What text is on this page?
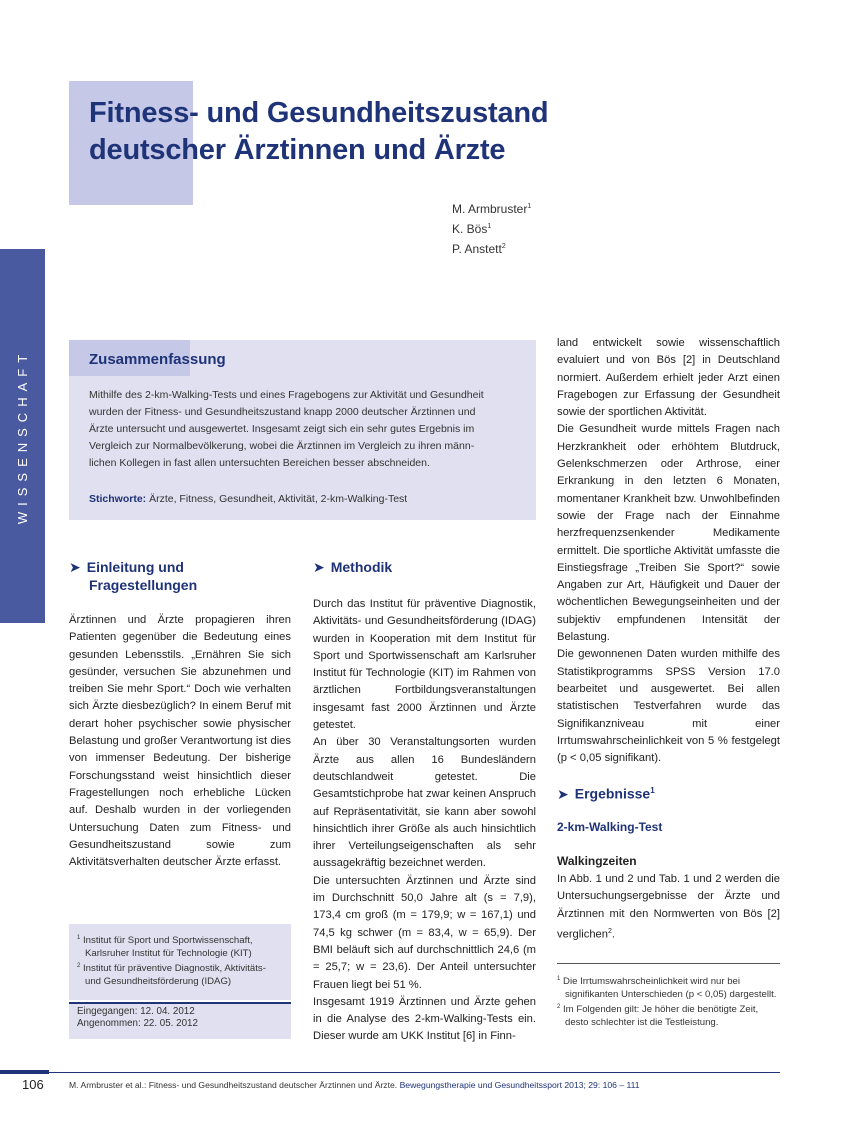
WISSENSCHAFT
Fitness- und Gesundheitszustand
deutscher Ärztinnen und Ärzte
M. Armbruster$^1$
K. Bös$^1$
P. Anstett$^2$
Zusammenfassung
Mithilfe des 2-km-Walking-Tests und eines Fragebogens zur Aktivität und Gesundheit
wurden der Fitness- und Gesundheitszustand knapp 2000 deutscher Ärztinnen und
Ärzte untersucht und ausgewertet. Insgesamt zeigt sich ein sehr gutes Ergebnis im
Vergleich zur Normalbevölkerung, wobei die Ärztinnen im Vergleich zu ihren männ-
lichen Kollegen in fast allen untersuchten Bereichen besser abschneiden.
Stichworte: Ärzte, Fitness, Gesundheit, Aktivität, 2-km-Walking-Test
➤ Einleitung und
Fragestellungen
➤ Methodik

Ärztinnen und Ärzte propagieren ihren Patienten gegenüber die Bedeutung eines gesunden Lebensstils. „Ernähren Sie sich gesünder, versuchen Sie abzunehmen und treiben Sie mehr Sport.“ Doch wie verhalten sich Ärzte diesbezüglich? In einem Beruf mit derart hoher psychischer sowie physischer Belastung und großer Verantwortung ist dies von immenser Bedeutung. Der bisherige Forschungsstand weist hinsichtlich dieser Fragestellungen noch erhebliche Lücken auf. Deshalb wurden in der vorliegenden Untersuchung Daten zum Fitness- und Gesundheitszustand sowie zum Aktivitätsverhalten deutscher Ärzte erfasst.

Durch das Institut für präventive Diagnostik, Aktivitäts- und Gesundheitsförderung (IDAG) wurden in Kooperation mit dem Institut für Sport und Sportwissenschaft am Karlsruher Institut für Technologie (KIT) im Rahmen von ärztlichen Fortbildungsveranstaltungen insgesamt fast 2000 Ärztinnen und Ärzte getestet.

An über 30 Veranstaltungsorten wurden Ärzte aus allen 16 Bundesländern deutschlandweit getestet. Die Gesamtstichprobe hat zwar keinen Anspruch auf Repräsentativität, sie kann aber sowohl hinsichtlich ihrer Größe als auch hinsichtlich ihrer Verteilungseigenschaften als sehr aussagekräftig bezeichnet werden.

Die untersuchten Ärztinnen und Ärzte sind im Durchschnitt 50,0 Jahre alt (s = 7,9), 173,4 cm groß (m = 179,9; w = 167,1) und 74,5 kg schwer (m = 83,4, w = 65,9). Der BMI beläuft sich auf durchschnittlich 24,6 (m = 25,7; w = 23,6). Der Anteil untersuchter Frauen liegt bei 51 %.

Insgesamt 1919 Ärztinnen und Ärzte gehen in die Analyse des 2-km-Walking-Tests ein. Dieser wurde am UKK Institut [6] in Finn-

land entwickelt sowie wissenschaftlich evaluiert und von Bös [2] in Deutschland normiert. Außerdem erhielt jeder Arzt einen Fragebogen zur Erfassung der Gesundheit sowie der sportlichen Aktivität.

Die Gesundheit wurde mittels Fragen nach Herzkrankheit oder erhöhtem Blutdruck, Gelenkschmerzen oder Arthrose, einer Erkrankung in den letzten 6 Monaten, momentaner Krankheit bzw. Unwohlbefinden sowie der Frage nach der Einnahme herzfrequenzsenkender Medikamente ermittelt. Die sportliche Aktivität umfasste die Einstiegsfrage „Treiben Sie Sport?“ sowie Angaben zur Art, Häufigkeit und Dauer der wöchentlichen Bewegungseinheiten und der subjektiv empfundenen Intensität der Belastung.

Die gewonnenen Daten wurden mithilfe des Statistikprogramms SPSS Version 17.0 bearbeitet und ausgewertet. Bei allen statistischen Testverfahren wurde das Signifikanzniveau mit einer Irrtumswahrscheinlichkeit von 5 % festgelegt (p < 0,05 signifikant).

➤ Ergebnisse$^1$
2-km-Walking-Test
Walkingzeiten

In Abb. 1 und 2 und Tab. 1 und 2 werden die Untersuchungsergebnisse der Ärzte und Ärztinnen mit den Normwerten von Bös [2] verglichen$^2$.

$^1$ Institut für Sport und Sportwissenschaft, Karlsruher Institut für Technologie (KIT)
$^2$ Institut für präventive Diagnostik, Aktivitäts- und Gesundheitsförderung (IDAG)
Eingegangen: 12. 04. 2012
Angenommen: 22. 05. 2012
$^1$ Die Irrtumswahrscheinlichkeit wird nur bei signifikanten Unterschieden (p < 0,05) dargestellt.
$^2$ Im Folgenden gilt: Je höher die benötigte Zeit, desto schlechter ist die Testleistung.
106	M. Armbruster et al.: Fitness- und Gesundheitszustand deutscher Ärztinnen und Ärzte. Bewegungstherapie und Gesundheitssport 2013; 29: 106 – 111
